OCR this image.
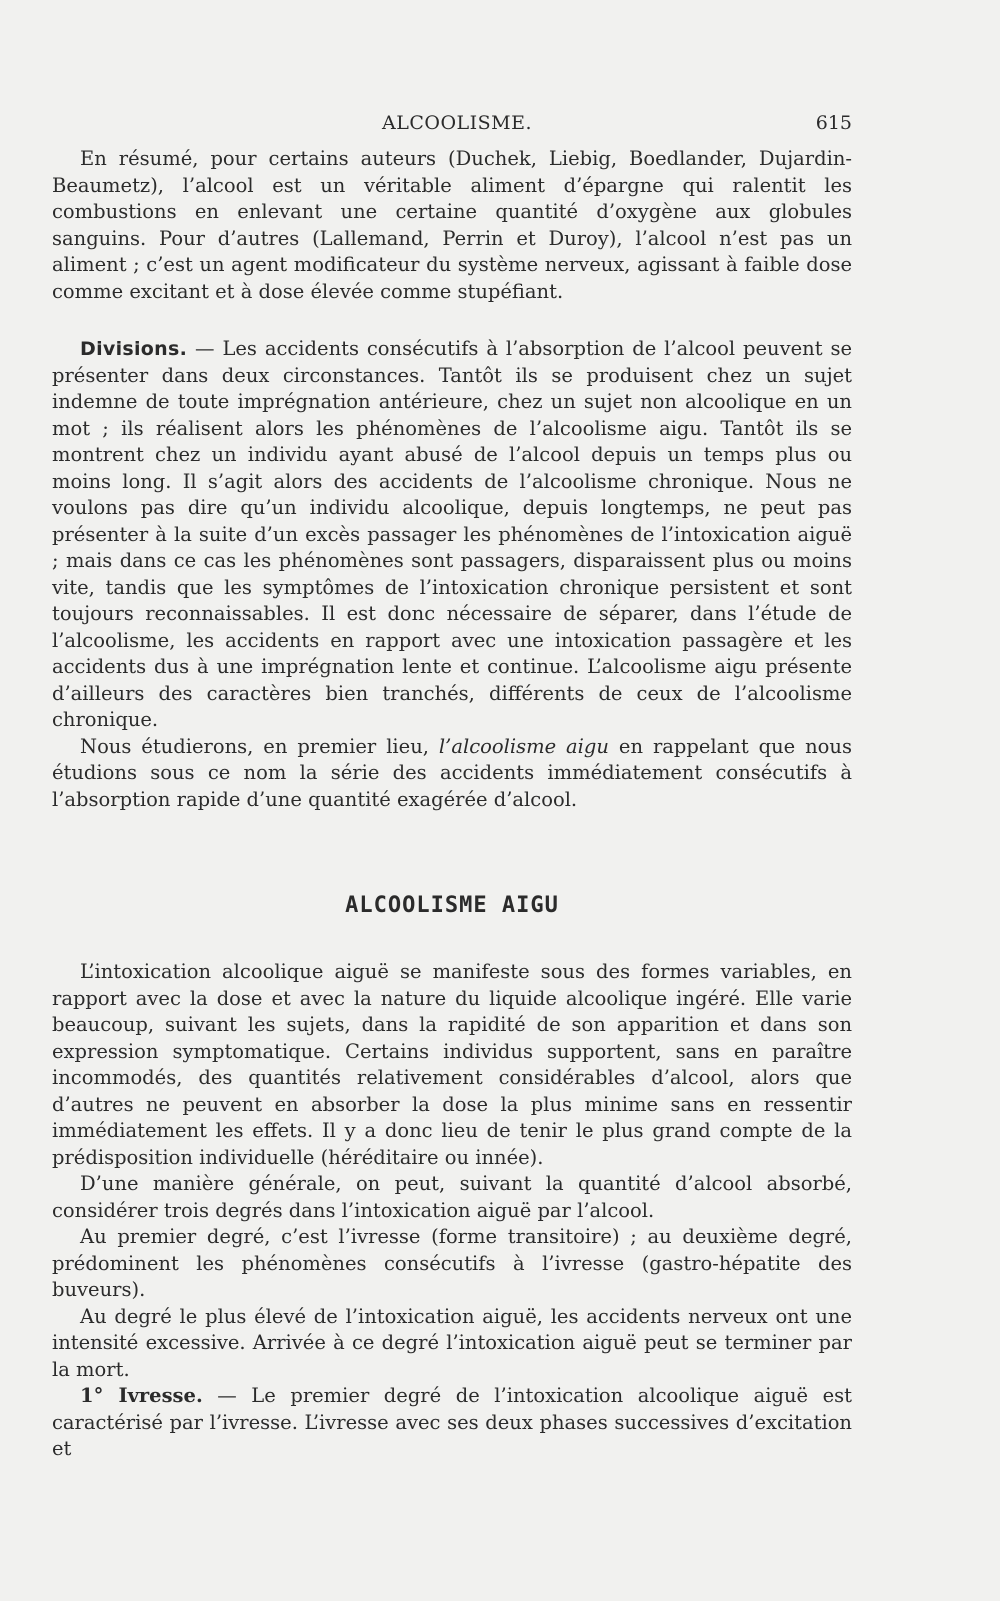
ALCOOLISME.	615

En résumé, pour certains auteurs (Duchek, Liebig, Boedlander, Dujardin-Beaumetz), l’alcool est un véritable aliment d’épargne qui ralentit les combustions en enlevant une certaine quantité d’oxygène aux globules sanguins. Pour d’autres (Lallemand, Perrin et Duroy), l’alcool n’est pas un aliment ; c’est un agent modificateur du système nerveux, agissant à faible dose comme excitant et à dose élevée comme stupéfiant.

Divisions. — Les accidents consécutifs à l’absorption de l’alcool peuvent se présenter dans deux circonstances. Tantôt ils se produisent chez un sujet indemne de toute imprégnation antérieure, chez un sujet non alcoolique en un mot ; ils réalisent alors les phénomènes de l’alcoolisme aigu. Tantôt ils se montrent chez un individu ayant abusé de l’alcool depuis un temps plus ou moins long. Il s’agit alors des accidents de l’alcoolisme chronique. Nous ne voulons pas dire qu’un individu alcoolique, depuis longtemps, ne peut pas présenter à la suite d’un excès passager les phénomènes de l’intoxication aiguë ; mais dans ce cas les phénomènes sont passagers, disparaissent plus ou moins vite, tandis que les symptômes de l’intoxication chronique persistent et sont toujours reconnaissables. Il est donc nécessaire de séparer, dans l’étude de l’alcoolisme, les accidents en rapport avec une intoxication passagère et les accidents dus à une imprégnation lente et continue. L’alcoolisme aigu présente d’ailleurs des caractères bien tranchés, différents de ceux de l’alcoolisme chronique.

Nous étudierons, en premier lieu, l’alcoolisme aigu en rappelant que nous étudions sous ce nom la série des accidents immédiatement consécutifs à l’absorption rapide d’une quantité exagérée d’alcool.

ALCOOLISME AIGU

L’intoxication alcoolique aiguë se manifeste sous des formes variables, en rapport avec la dose et avec la nature du liquide alcoolique ingéré. Elle varie beaucoup, suivant les sujets, dans la rapidité de son apparition et dans son expression symptomatique. Certains individus supportent, sans en paraître incommodés, des quantités relativement considérables d’alcool, alors que d’autres ne peuvent en absorber la dose la plus minime sans en ressentir immédiatement les effets. Il y a donc lieu de tenir le plus grand compte de la prédisposition individuelle (héréditaire ou innée).

D’une manière générale, on peut, suivant la quantité d’alcool absorbé, considérer trois degrés dans l’intoxication aiguë par l’alcool.

Au premier degré, c’est l’ivresse (forme transitoire) ; au deuxième degré, prédominent les phénomènes consécutifs à l’ivresse (gastro-hépatite des buveurs).

Au degré le plus élevé de l’intoxication aiguë, les accidents nerveux ont une intensité excessive. Arrivée à ce degré l’intoxication aiguë peut se terminer par la mort.

1° Ivresse. — Le premier degré de l’intoxication alcoolique aiguë est caractérisé par l’ivresse. L’ivresse avec ses deux phases successives d’excitation et
